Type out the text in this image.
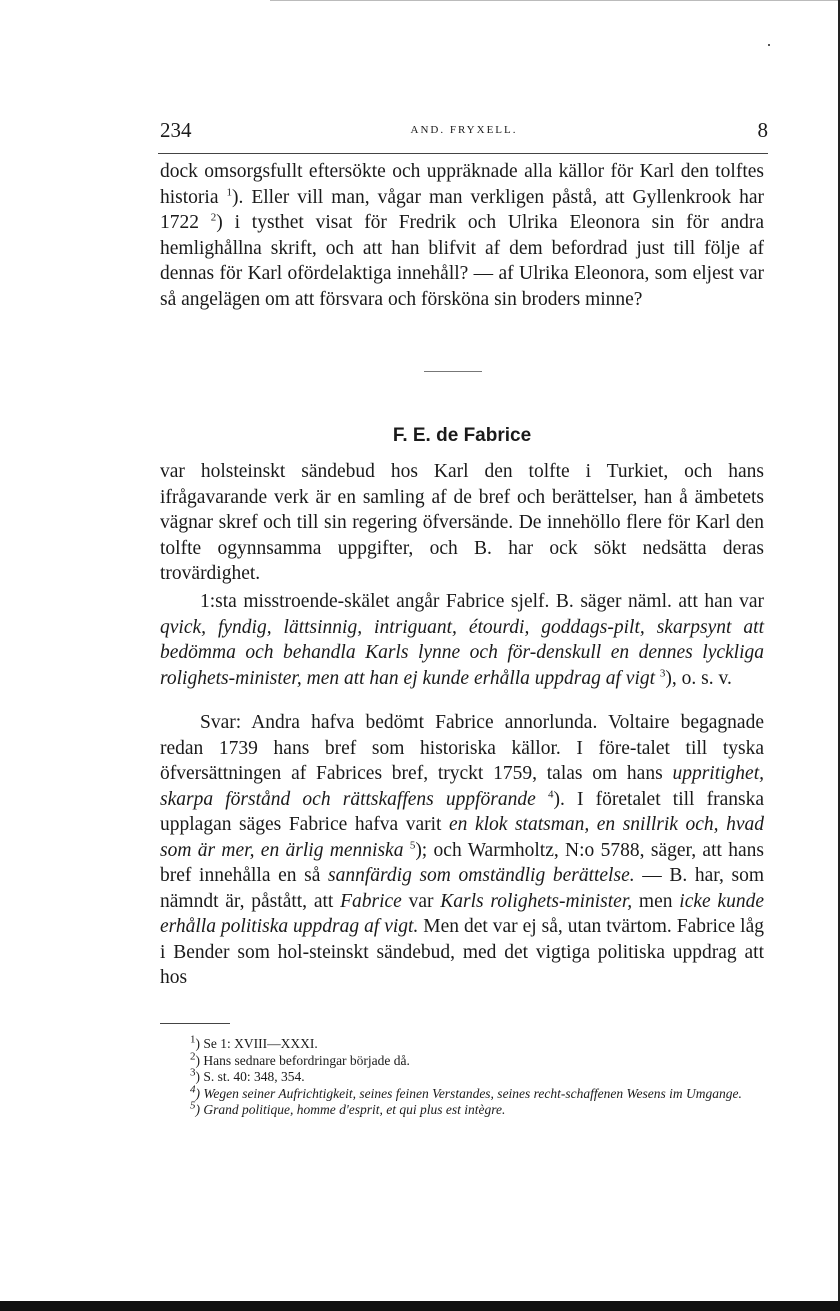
234	AND. FRYXELL.	8

dock omsorgsfullt eftersökte och uppräknade alla källor för Karl den tolftes historia $^1$). Eller vill man, vågar man verkligen påstå, att Gyllenkrook har 1722 $^2$) i tysthet visat för Fredrik och Ulrika Eleonora sin för andra hemlighållna skrift, och att han blifvit af dem befordrad just till följe af dennas för Karl ofördelaktiga innehåll? — af Ulrika Eleonora, som eljest var så angelägen om att försvara och försköna sin broders minne?

F. E. de Fabrice

var holsteinskt sändebud hos Karl den tolfte i Turkiet, och hans ifrågavarande verk är en samling af de bref och berättelser, han å ämbetets vägnar skref och till sin regering öfversände. De innehöllo flere för Karl den tolfte ogynnsamma uppgifter, och B. har ock sökt nedsätta deras trovärdighet.

1:sta misstroende-skälet angår Fabrice sjelf. B. säger näml. att han var qvick, fyndig, lättsinnig, intriguant, étourdi, goddags-pilt, skarpsynt att bedömma och behandla Karls lynne och för-denskull en dennes lyckliga rolighets-minister, men att han ej kunde erhålla uppdrag af vigt $^3$), o. s. v.

Svar: Andra hafva bedömt Fabrice annorlunda. Voltaire begagnade redan 1739 hans bref som historiska källor. I före-talet till tyska öfversättningen af Fabrices bref, tryckt 1759, talas om hans uppritighet, skarpa förstånd och rättskaffens uppförande $^4$). I företalet till franska upplagan säges Fabrice hafva varit en klok statsman, en snillrik och, hvad som är mer, en ärlig menniska $^5$); och Warmholtz, N:o 5788, säger, att hans bref innehålla en så sannfärdig som omständlig berättelse. — B. har, som nämndt är, påstått, att Fabrice var Karls rolighets-minister, men icke kunde erhålla politiska uppdrag af vigt. Men det var ej så, utan tvärtom. Fabrice låg i Bender som hol-steinskt sändebud, med det vigtiga politiska uppdrag att hos

$^1$) Se 1: XVIII—XXXI.

$^2$) Hans sednare befordringar började då.

$^3$) S. st. 40: 348, 354.

$^4$) Wegen seiner Aufrichtigkeit, seines feinen Verstandes, seines recht-schaffenen Wesens im Umgange.

$^5$) Grand politique, homme d'esprit, et qui plus est intègre.
